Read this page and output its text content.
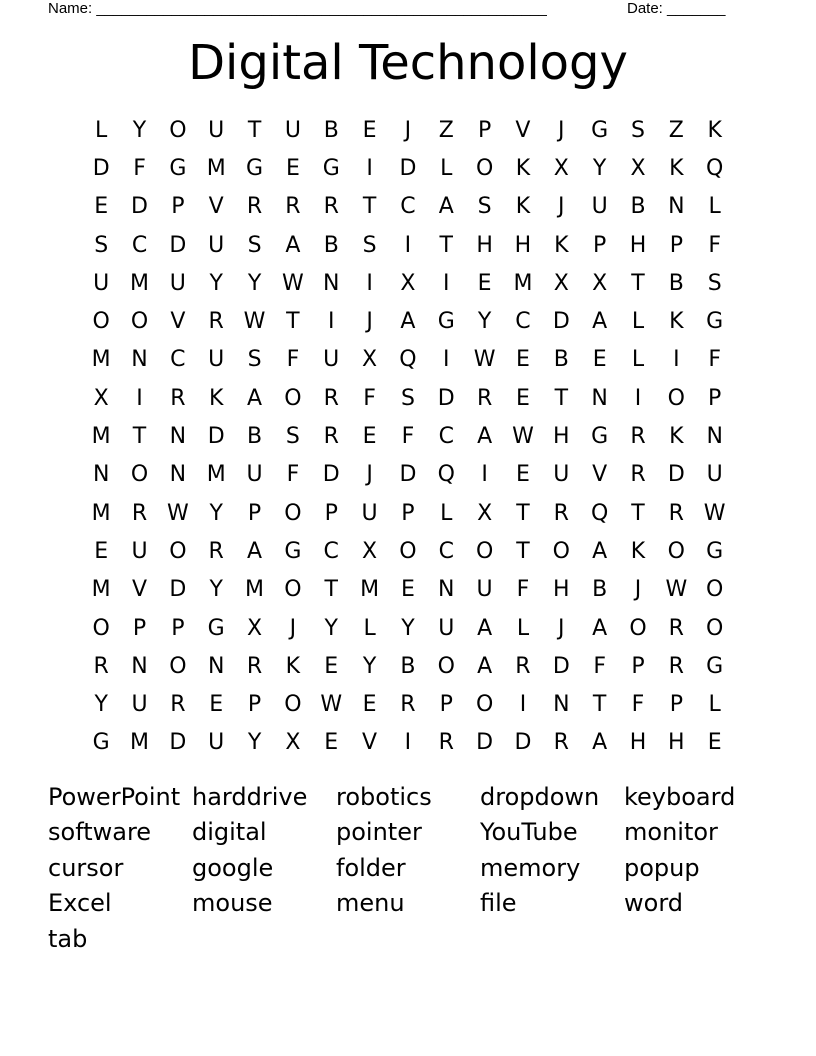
Name: ______________________________________________________	Date: _______
Digital Technology
L	Y	O U	T	U	B	E	J	Z	P	V	J	G	S	Z	K
D	F	G M G	E	G	I	D	L	O	K	X	Y	X	K	Q
E	D	P	V	R	R	R	T	C	A	S	K	J	U	B	N	L
S	C	D U	S	A	B	S	I	T	H H	K	P	H	P	F
U M U	Y	Y W N	I	X	I	E M X	X	T	B	S
O O	V	R W T	I	J	A	G	Y	C	D	A	L	K	G
M N	C	U	S	F	U	X	Q	I	W E	B	E	L	I	F
X	I	R	K	A	O	R	F	S	D	R	E	T	N	I	O	P
M	T	N D	B	S	R	E	F	C	A W H G	R	K	N
N O N M U	F	D	J	D Q	I	E	U	V	R	D U
M R W Y	P	O	P	U	P	L	X	T	R	Q	T	R W
E	U O	R	A	G	C	X	O	C O	T	O	A	K	O G
M V	D	Y	M O	T	M E	N	U	F	H	B	J	W O
O	P	P	G	X	J	Y	L	Y	U	A	L	J	A	O	R	O
R	N O N	R	K	E	Y	B	O	A	R	D	F	P	R	G
Y	U	R	E	P	O W E	R	P	O	I	N	T	F	P	L
G M D U	Y	X	E	V	I	R	D D	R	A	H H	E
PowerPoint harddrive	robotics	dropdown	keyboard
software	digital	pointer	YouTube	monitor
cursor	google	folder	memory	popup
Excel	mouse	menu	file	word
tab
